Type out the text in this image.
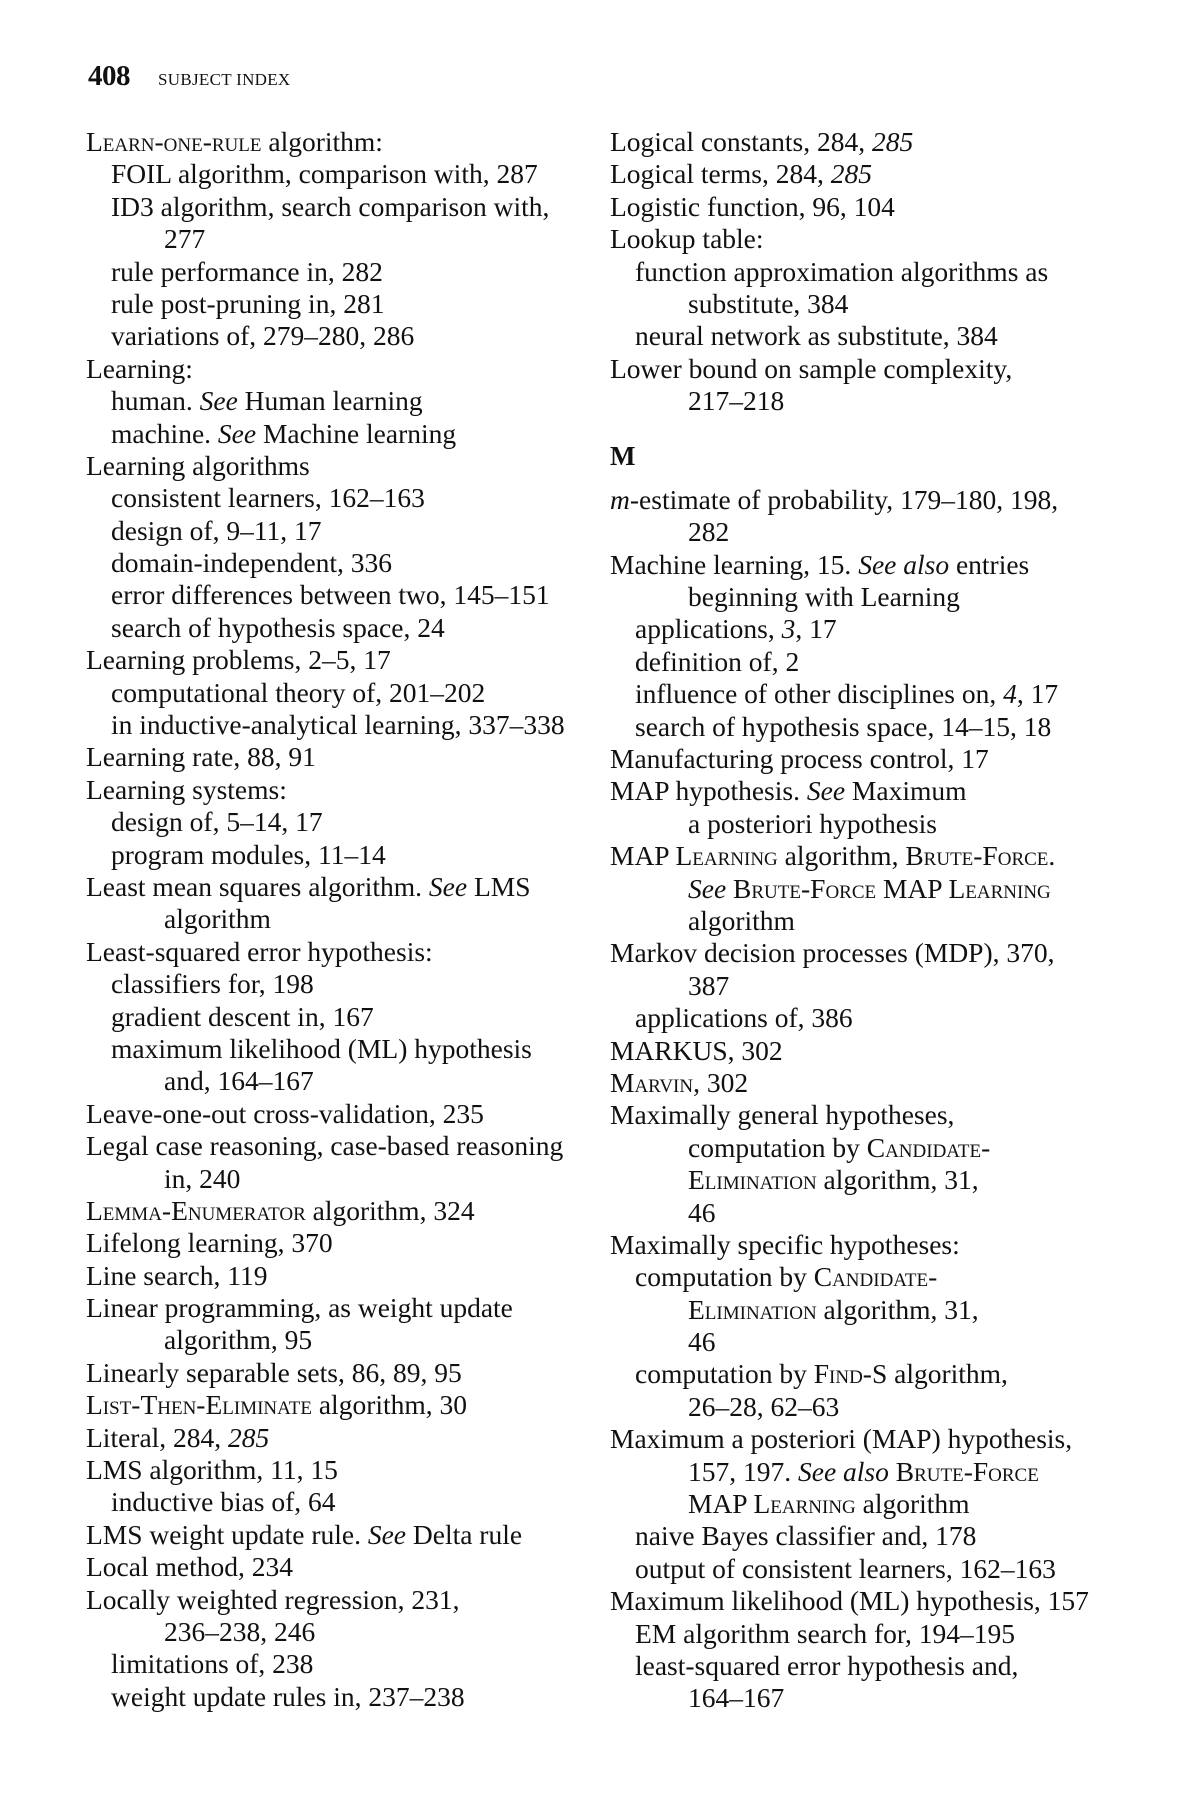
408 SUBJECT INDEX
Learn-one-rule algorithm:
FOIL algorithm, comparison with, 287
ID3 algorithm, search comparison with,
277
rule performance in, 282
rule post-pruning in, 281
variations of, 279–280, 286
Learning:
human. See Human learning
machine. See Machine learning
Learning algorithms
consistent learners, 162–163
design of, 9–11, 17
domain-independent, 336
error differences between two, 145–151
search of hypothesis space, 24
Learning problems, 2–5, 17
computational theory of, 201–202
in inductive-analytical learning, 337–338
Learning rate, 88, 91
Learning systems:
design of, 5–14, 17
program modules, 11–14
Least mean squares algorithm. See LMS
algorithm
Least-squared error hypothesis:
classifiers for, 198
gradient descent in, 167
maximum likelihood (ML) hypothesis
and, 164–167
Leave-one-out cross-validation, 235
Legal case reasoning, case-based reasoning
in, 240
Lemma-Enumerator algorithm, 324
Lifelong learning, 370
Line search, 119
Linear programming, as weight update
algorithm, 95
Linearly separable sets, 86, 89, 95
List-Then-Eliminate algorithm, 30
Literal, 284, 285
LMS algorithm, 11, 15
inductive bias of, 64
LMS weight update rule. See Delta rule
Local method, 234
Locally weighted regression, 231,
236–238, 246
limitations of, 238
weight update rules in, 237–238
Logical constants, 284, 285
Logical terms, 284, 285
Logistic function, 96, 104
Lookup table:
function approximation algorithms as
substitute, 384
neural network as substitute, 384
Lower bound on sample complexity,
217–218
M
m-estimate of probability, 179–180, 198,
282
Machine learning, 15. See also entries
beginning with Learning
applications, 3, 17
definition of, 2
influence of other disciplines on, 4, 17
search of hypothesis space, 14–15, 18
Manufacturing process control, 17
MAP hypothesis. See Maximum
a posteriori hypothesis
MAP Learning algorithm, Brute-Force.
See Brute-Force MAP Learning
algorithm
Markov decision processes (MDP), 370,
387
applications of, 386
MARKUS, 302
Marvin, 302
Maximally general hypotheses,
computation by Candidate-
Elimination algorithm, 31,
46
Maximally specific hypotheses:
computation by Candidate-
Elimination algorithm, 31,
46
computation by Find-S algorithm,
26–28, 62–63
Maximum a posteriori (MAP) hypothesis,
157, 197. See also Brute-Force
MAP Learning algorithm
naive Bayes classifier and, 178
output of consistent learners, 162–163
Maximum likelihood (ML) hypothesis, 157
EM algorithm search for, 194–195
least-squared error hypothesis and,
164–167
